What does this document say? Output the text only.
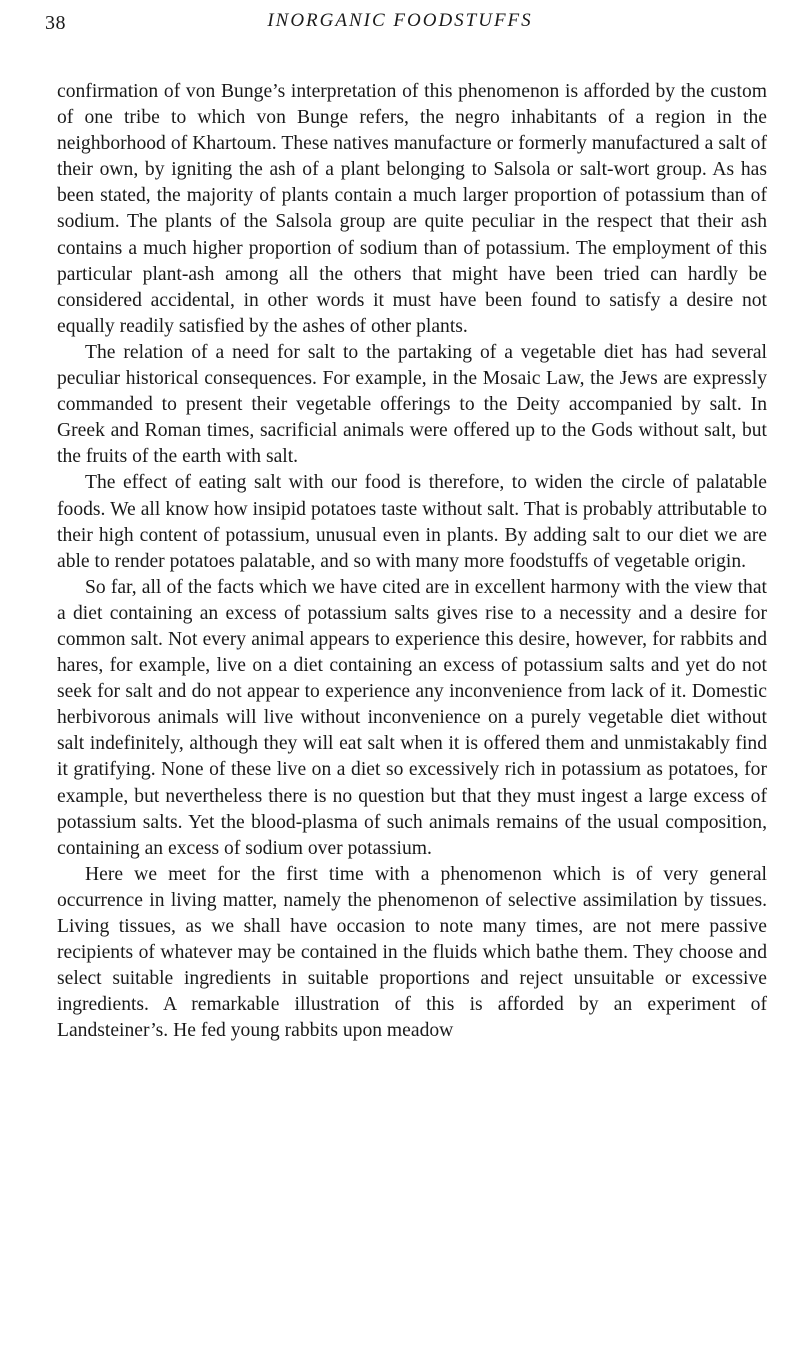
38	INORGANIC FOODSTUFFS

confirmation of von Bunge’s interpretation of this phenomenon is afforded by the custom of one tribe to which von Bunge refers, the negro inhabitants of a region in the neighborhood of Khartoum. These natives manufacture or formerly manufactured a salt of their own, by igniting the ash of a plant belonging to Salsola or salt-wort group. As has been stated, the majority of plants contain a much larger proportion of potassium than of sodium. The plants of the Salsola group are quite peculiar in the respect that their ash contains a much higher proportion of sodium than of potassium. The employment of this particular plant-ash among all the others that might have been tried can hardly be considered accidental, in other words it must have been found to satisfy a desire not equally readily satisfied by the ashes of other plants.

The relation of a need for salt to the partaking of a vegetable diet has had several peculiar historical consequences. For example, in the Mosaic Law, the Jews are expressly commanded to present their vegetable offerings to the Deity accompanied by salt. In Greek and Roman times, sacrificial animals were offered up to the Gods without salt, but the fruits of the earth with salt.

The effect of eating salt with our food is therefore, to widen the circle of palatable foods. We all know how insipid potatoes taste without salt. That is probably attributable to their high content of potassium, unusual even in plants. By adding salt to our diet we are able to render potatoes palatable, and so with many more foodstuffs of vegetable origin.

So far, all of the facts which we have cited are in excellent harmony with the view that a diet containing an excess of potassium salts gives rise to a necessity and a desire for common salt. Not every animal appears to experience this desire, however, for rabbits and hares, for example, live on a diet containing an excess of potassium salts and yet do not seek for salt and do not appear to experience any inconvenience from lack of it. Domestic herbivorous animals will live without inconvenience on a purely vegetable diet without salt indefinitely, although they will eat salt when it is offered them and unmistakably find it gratifying. None of these live on a diet so excessively rich in potassium as potatoes, for example, but nevertheless there is no question but that they must ingest a large excess of potassium salts. Yet the blood-plasma of such animals remains of the usual composition, containing an excess of sodium over potassium.

Here we meet for the first time with a phenomenon which is of very general occurrence in living matter, namely the phenomenon of selective assimilation by tissues. Living tissues, as we shall have occasion to note many times, are not mere passive recipients of whatever may be contained in the fluids which bathe them. They choose and select suitable ingredients in suitable proportions and reject unsuitable or excessive ingredients. A remarkable illustration of this is afforded by an experiment of Landsteiner’s. He fed young rabbits upon meadow
